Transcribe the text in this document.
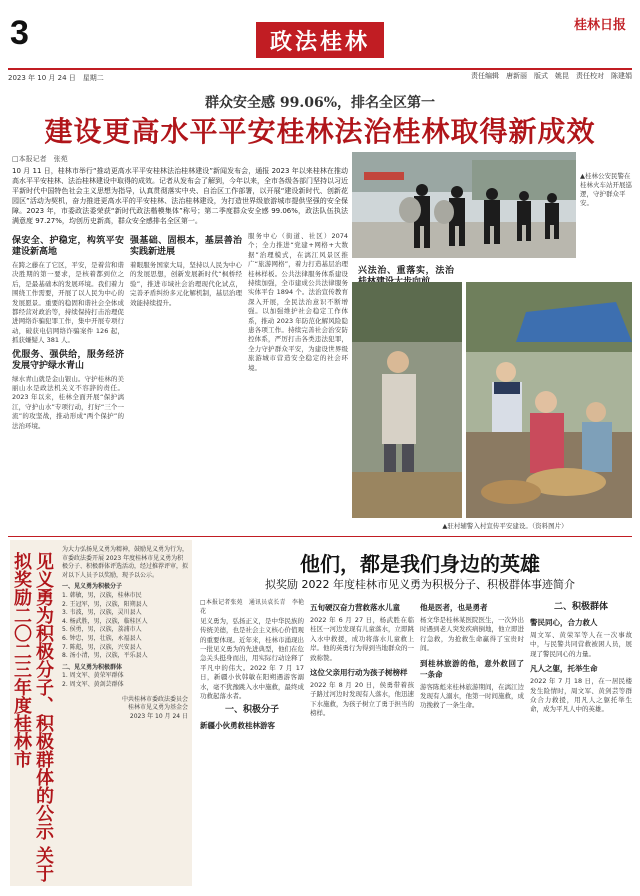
3	政法桂林
桂林日报
2023 年 10 月 24 日　星期二	责任编辑　唐新丽　版式　姚昆　责任校对　陈建娟
群众安全感 99.06%，排名全区第一
建设更高水平平安桂林法治桂林取得新成效
□本报记者　张苑
10 月 11 日，桂林市举行“推动更高水平平安桂林法治桂林建设”新闻发布会，通报 2023 年以来桂林在推动高水平平安桂林、法治桂林建设中取得的成效。记者从发布会了解到，今年以来，全市各级各部门坚持以习近平新时代中国特色社会主义思想为指导，认真贯彻落实中央、自治区工作部署，以开展“建设新时代、创新花园区”活动为契机，奋力推进更高水平的平安桂林、法治桂林建设，为打造世界级旅游城市提供坚强的安全保障。2023 年，市委政法委荣获“新时代政法楷模集体”称号；第二季度群众安全感 99.06%，政法队伍执法满意度 97.27%，均创历史新高，群众安全感排名全区第一。
保安全、护稳定，构筑平安建设新高地
在跨之藤在了它区，平安，是着营和谐决胜期的第一要求，是核着都到位之后，是最基础本的发展环境。我们着力围绕工作需要，开展了以人民为中心的发展愿景。重要的稳固和谐社会全体成都经营对政治等，持续保持打击治理促进网络诈骗犯罪工作，集中开展专项行动，破获电信网络诈骗案件 126 起，抓获嫌疑人 381 人。
优服务、强供给，服务经济发展守护绿水青山
绿水青山就是金山银山。守护桂林的美丽山水是政法机关义不容辞的责任。2023 年以来，桂林全面开展“保护漓江，守护山水”专项行动，打好“三个一流”的攻坚战，推动形成“两个保护”的法治环境。
强基础、固根本，基层善治实践新进展
着眼服务国家大局，坚持以人民为中心的发展思想，创新发展新时代“枫桥经验”，推进市域社会治理现代化试点，完善矛盾纠纷多元化解机制，基层治理效能持续提升。
服务中心（街道、社区）2074 个；全力推进“党建+网格+大数据”治理模式，在漓江风景区推广“旅游网格”，着力打造基层治理桂林样板。公共法律服务体系建设持续加强，全市建成公共法律服务实体平台 1894 个。法治宣传教育深入开展，全民法治意识不断增强。以加强维护社会稳定工作体系，推动 2023 年防范化解风险隐患各项工作。持续完善社会治安防控体系，严厉打击各类违法犯罪，全力守护群众平安，为建设世界级旅游城市营造安全稳定的社会环境。
兴法治、重落实，法治
▲桂林公安民警在桂林火车站开展巡逻，守护群众平安。
▲驻村辅警入村宣传平安建设。（资料图片）
见义勇为积极分子、积极群体的公示 关于拟奖励二〇二三年度桂林市
为大力弘扬见义勇为精神，鼓励见义勇为行为，市委政法委开展 2023 年度桂林市见义勇为积极分子、积极群体评选活动，经过推荐评审，拟对以下人员予以奖励，现予以公示。
一、见义勇为积极分子
1. 韩敏，男，汉族，桂林市民
2. 王冠军，男，汉族，阳朔县人
3. 韦波，男，汉族，灵川县人
4. 杨武胜，男，汉族，临桂区人
5. 侯勇，男，汉族，荔浦市人
6. 钟忠，男，壮族，永福县人
7. 陈彪，男，汉族，兴安县人
8. 汤小清，男，汉族，平乐县人
二、见义勇为积极群体
1. 周文军、黄荣军群体
2. 周文军、黄剑芸群体
中共桂林市委政法委员会
桂林市见义勇为基金会
2023 年 10 月 24 日
他们，都是我们身边的英雄
拟奖励 2022 年度桂林市见义勇为积极分子、积极群体事迹简介
□本报记者张苑　通讯员袁长青　李艳花
见义勇为，弘扬正义，是中华民族的传统美德，也是社会主义核心价值观的重要体现。近年来，桂林市涌现出一批见义勇为的先进典型，他们在危急关头挺身而出，用实际行动诠释了平凡中的伟大。2022 年 7 月 17 日，新疆小伙韩敏在阳朔遇游客溺水，毫不犹豫跳入水中施救，最终成功救起落水者。
一、积极分子
新疆小伙勇救桂林游客
五旬硬汉奋力营救落水儿童
2022 年 6 月 27 日，杨武胜在临桂区一河边发现有儿童落水，立即跳入水中救援，成功将落水儿童救上岸。他的英勇行为得到当地群众的一致称赞。
这位父亲用行动为孩子树榜样
2022 年 8 月 20 日，侯勇带着孩子路过河边时发现有人落水，他迅速下水施救，为孩子树立了勇于担当的榜样。
他是医者，也是勇者
杨文华是桂林某医院医生，一次外出时遇到老人突发疾病倒地，他立即进行急救，为抢救生命赢得了宝贵时间。
到桂林旅游的他，意外救回了一条命
游客陈彪来桂林旅游期间，在漓江边发现有人溺水，他第一时间施救，成功挽救了一条生命。
二、积极群体
警民同心，合力救人
周文军、黄荣军等人在一次事故中，与民警共同营救被困人员，展现了警民同心的力量。
凡人之躯，托举生命
2022 年 7 月 18 日，在一居民楼发生险情时，周文军、黄剑芸等群众合力救援，用凡人之躯托举生命，成为平凡人中的英雄。
